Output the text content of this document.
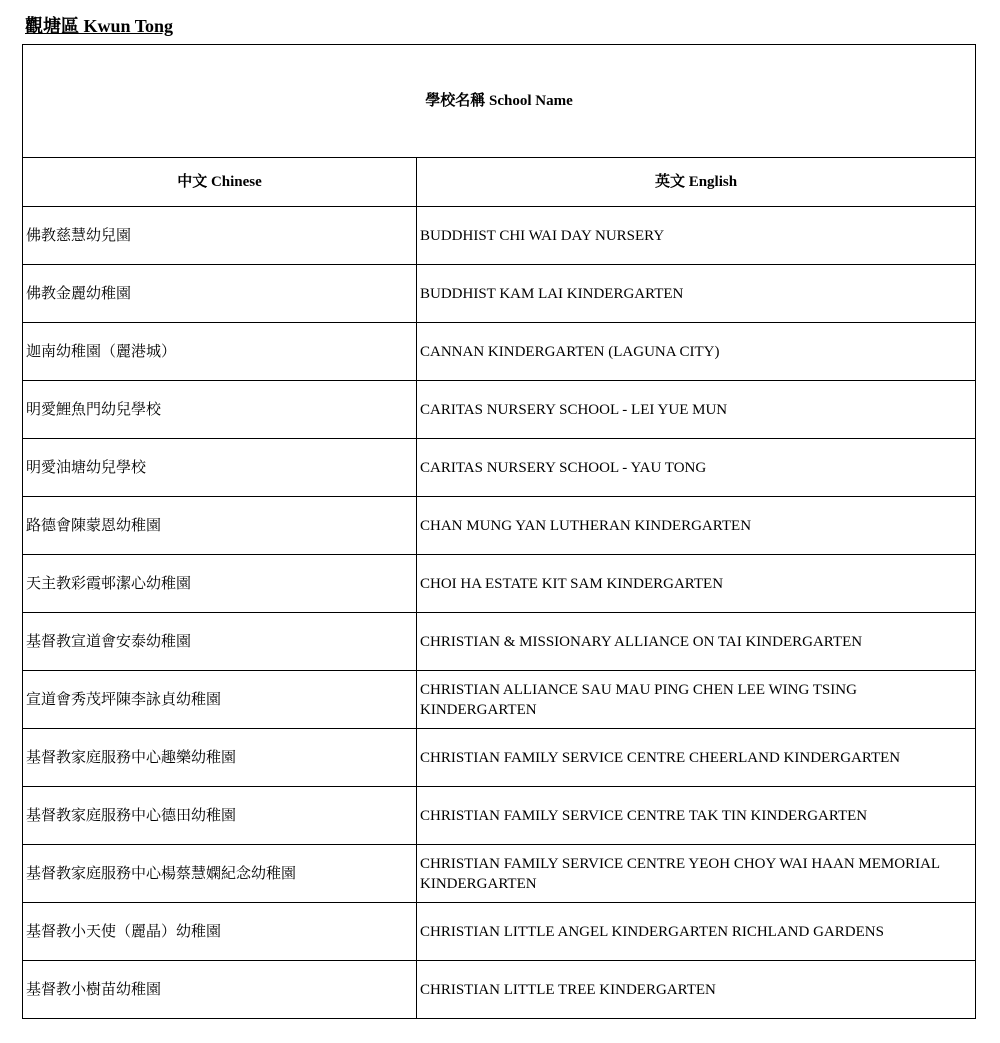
觀塘區 Kwun Tong
學校名稱 School Name	
中文 Chinese	英文 English
佛教慈慧幼兒園	BUDDHIST CHI WAI DAY NURSERY
佛教金麗幼稚園	BUDDHIST KAM LAI KINDERGARTEN
迦南幼稚園（麗港城）	CANNAN KINDERGARTEN (LAGUNA CITY)
明愛鯉魚門幼兒學校	CARITAS NURSERY SCHOOL - LEI YUE MUN
明愛油塘幼兒學校	CARITAS NURSERY SCHOOL - YAU TONG
路德會陳蒙恩幼稚園	CHAN MUNG YAN LUTHERAN KINDERGARTEN
天主教彩霞邨潔心幼稚園	CHOI HA ESTATE KIT SAM KINDERGARTEN
基督教宣道會安泰幼稚園	CHRISTIAN & MISSIONARY ALLIANCE ON TAI KINDERGARTEN
宣道會秀茂坪陳李詠貞幼稚園	CHRISTIAN ALLIANCE SAU MAU PING CHEN LEE WING TSING KINDERGARTEN
基督教家庭服務中心趣樂幼稚園	CHRISTIAN FAMILY SERVICE CENTRE CHEERLAND KINDERGARTEN
基督教家庭服務中心德田幼稚園	CHRISTIAN FAMILY SERVICE CENTRE TAK TIN KINDERGARTEN
基督教家庭服務中心楊蔡慧嫻紀念幼稚園	CHRISTIAN FAMILY SERVICE CENTRE YEOH CHOY WAI HAAN MEMORIAL KINDERGARTEN
基督教小天使（麗晶）幼稚園	CHRISTIAN LITTLE ANGEL KINDERGARTEN RICHLAND GARDENS
基督教小樹苗幼稚園	CHRISTIAN LITTLE TREE KINDERGARTEN
